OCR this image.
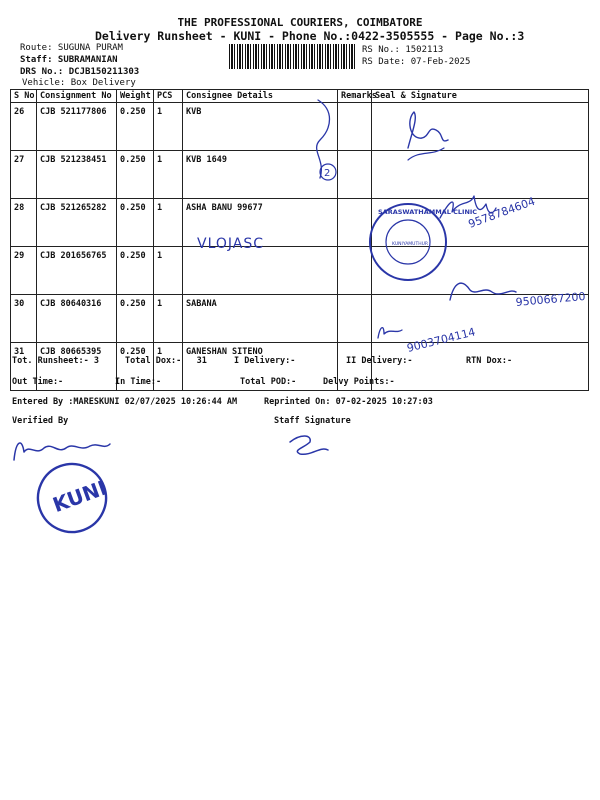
THE PROFESSIONAL COURIERS, COIMBATORE
Delivery Runsheet - KUNI - Phone No.:0422-3505555 - Page No.:3
Route: SUGUNA PURAM
Staff: SUBRAMANIAN
DRS No.: DCJB150211303
Vehicle: Box Delivery
RS No.: 1502113
RS Date: 07-Feb-2025
S No	Consignment No	Weight	PCS	Consignee Details	Remarks	Seal & Signature
26	CJB 521177806	0.250	1	KVB		
27	CJB 521238451	0.250	1	KVB 1649		
28	CJB 521265282	0.250	1	ASHA BANU 99677		
29	CJB 201656765	0.250	1			
30	CJB 80640316	0.250	1	SABANA		
31	CJB 80665395	0.250	1	GANESHAN SITENO		
2
VLOJASC
SARASWATHAMMAL CLINIC
KUNIYAMUTHUR
9578784604
9500667200
9003704114
Tot. Runsheet:- 3	Total Dox:-   31	I Delivery:-	II Delivery:-	RTN Dox:-
Out Time:-	In Time:-	Total POD:-	Delvy Points:-
Entered By :MARESKUNI 02/07/2025 10:26:44 AM	Reprinted On: 07-02-2025 10:27:03
Verified By	Staff Signature
KUNI
